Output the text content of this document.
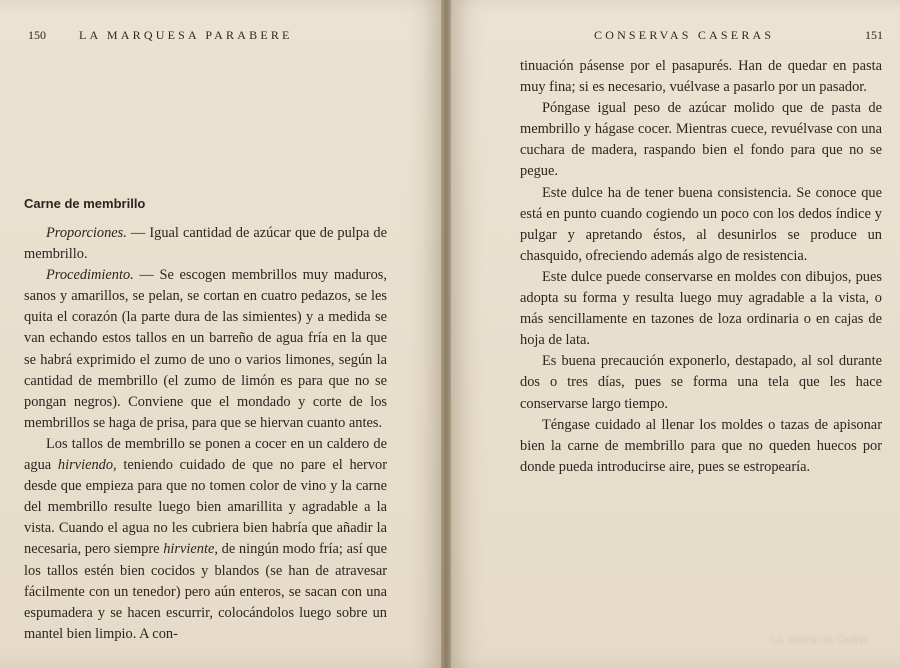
150	LA MARQUESA PARABERE
Carne de membrillo

Proporciones. — Igual cantidad de azúcar que de pulpa de membrillo.

Procedimiento. — Se escogen membrillos muy maduros, sanos y amarillos, se pelan, se cortan en cuatro pedazos, se les quita el corazón (la parte dura de las simientes) y a medida se van echando estos tallos en un barreño de agua fría en la que se habrá exprimido el zumo de uno o varios limones, según la cantidad de membrillo (el zumo de limón es para que no se pongan negros). Conviene que el mondado y corte de los membrillos se haga de prisa, para que se hiervan cuanto antes.

Los tallos de membrillo se ponen a cocer en un caldero de agua hirviendo, teniendo cuidado de que no pare el hervor desde que empieza para que no tomen color de vino y la carne del membrillo resulte luego bien amarillita y agradable a la vista. Cuando el agua no les cubriera bien habría que añadir la necesaria, pero siempre hirviente, de ningún modo fría; así que los tallos estén bien cocidos y blandos (se han de atravesar fácilmente con un tenedor) pero aún enteros, se sacan con una espumadera y se hacen escurrir, colocándolos luego sobre un mantel bien limpio. A con-

CONSERVAS CASERAS	151

tinuación pásense por el pasapurés. Han de quedar en pasta muy fina; si es necesario, vuélvase a pasarlo por un pasador.

Póngase igual peso de azúcar molido que de pasta de membrillo y hágase cocer. Mientras cuece, revuélvase con una cuchara de madera, raspando bien el fondo para que no se pegue.

Este dulce ha de tener buena consistencia. Se conoce que está en punto cuando cogiendo un poco con los dedos índice y pulgar y apretando éstos, al desunirlos se produce un chasquido, ofreciendo además algo de resistencia.

Este dulce puede conservarse en moldes con dibujos, pues adopta su forma y resulta luego muy agradable a la vista, o más sencillamente en tazones de loza ordinaria o en cajas de hoja de lata.

Es buena precaución exponerlo, destapado, al sol durante dos o tres días, pues se forma una tela que les hace conservarse largo tiempo.

Téngase cuidado al llenar los moldes o tazas de apisonar bien la carne de membrillo para que no queden huecos por donde pueda introducirse aire, pues se estropearía.

La cocina de Catina
